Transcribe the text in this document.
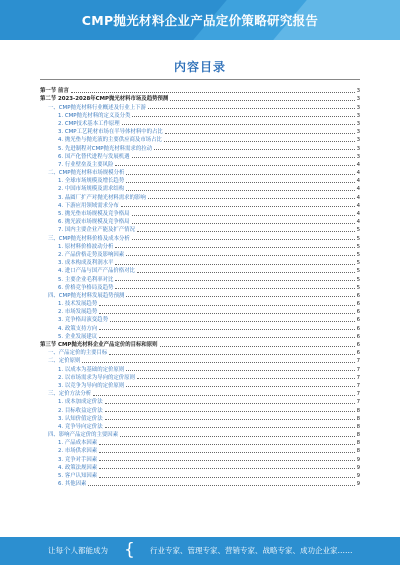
CMP抛光材料企业产品定价策略研究报告
内容目录
第一节 前言	3
第二节 2023-2028年CMP抛光材料市场及趋势预测	3
一、CMP抛光材料行业概述及行业上下游	3
1. CMP抛光材料的定义及分类	3
2. CMP技术基本工作原理	3
3. CMP工艺耗材市场在半导体材料中的占比	3
4. 抛光垫与抛光液的主要供应商及市场占比	3
5. 先进制程对CMP抛光材料需求的拉动	3
6. 国产化替代进程与发展机遇	3
7. 行业壁垒及主要风险	4
二、CMP抛光材料市场规模分析	4
1. 全球市场规模及增长趋势	4
2. 中国市场规模及需求结构	4
3. 晶圆厂扩产对抛光材料需求的影响	4
4. 下游应用领域需求分布	4
5. 抛光垫市场规模及竞争格局	4
6. 抛光液市场规模及竞争格局	4
7. 国内主要企业产能及扩产情况	5
三、CMP抛光材料价格及成本分析	5
1. 原材料价格波动分析	5
2. 产品价格走势及影响因素	5
3. 成本构成及利润水平	5
4. 进口产品与国产产品价格对比	5
5. 主要企业毛利率对比	5
6. 价格竞争格局及趋势	5
四、CMP抛光材料发展趋势预测	6
1. 技术发展趋势	6
2. 市场发展趋势	6
3. 竞争格局演变趋势	6
4. 政策支持方向	6
5. 企业发展建议	6
第三节 CMP抛光材料企业产品定价的目标和原则	6
一、产品定价的主要目标	6
二、定价原则	7
1. 以成本为基础的定价原则	7
2. 以市场需求为导向的定价原则	7
3. 以竞争为导向的定价原则	7
三、定价方法分析	7
1. 成本加成定价法	7
2. 目标收益定价法	8
3. 认知价值定价法	8
4. 竞争导向定价法	8
四、影响产品定价的主要因素	8
1. 产品成本因素	8
2. 市场供求因素	8
3. 竞争对手因素	9
4. 政策法规因素	9
5. 客户认知因素	9
6. 其他因素	9
让每个人都能成为 { 行业专家、管理专家、营销专家、战略专家、成功企业家……
